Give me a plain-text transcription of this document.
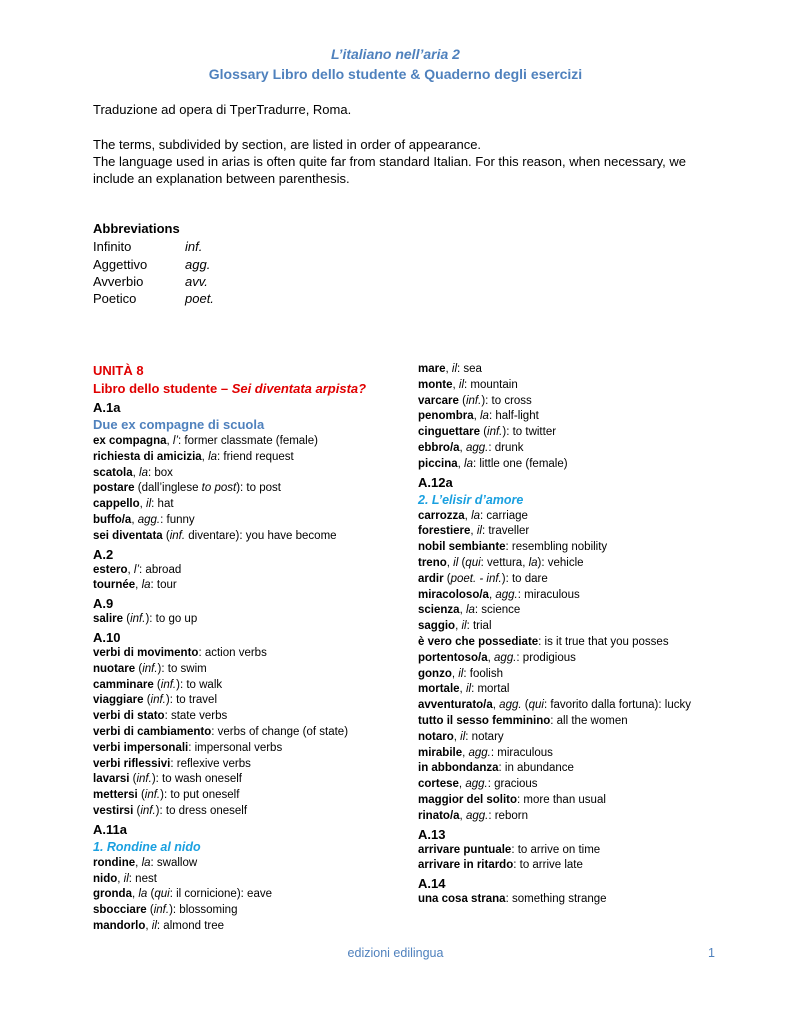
L’italiano nell’aria 2
Glossary Libro dello studente & Quaderno degli esercizi
Traduzione ad opera di TperTradurre, Roma.
The terms, subdivided by section, are listed in order of appearance.
The language used in arias is often quite far from standard Italian. For this reason, when necessary, we include an explanation between parenthesis.
Abbreviations
Infinito	inf.
Aggettivo	agg.
Avverbio	avv.
Poetico	poet.
UNITÀ 8
Libro dello studente – Sei diventata arpista?
A.1a
Due ex compagne di scuola
ex compagna, l’: former classmate (female)
richiesta di amicizia, la: friend request
scatola, la: box
postare (dall’inglese to post): to post
cappello, il: hat
buffo/a, agg.: funny
sei diventata (inf. diventare): you have become
A.2
estero, l’: abroad
tournée, la: tour
A.9
salire (inf.): to go up
A.10
verbi di movimento: action verbs
nuotare (inf.): to swim
camminare (inf.): to walk
viaggiare (inf.): to travel
verbi di stato: state verbs
verbi di cambiamento: verbs of change (of state)
verbi impersonali: impersonal verbs
verbi riflessivi: reflexive verbs
lavarsi (inf.): to wash oneself
mettersi (inf.): to put oneself
vestirsi (inf.): to dress oneself
A.11a
1. Rondine al nido
rondine, la: swallow
nido, il: nest
gronda, la (qui: il cornicione): eave
sbocciare (inf.): blossoming
mandorlo, il: almond tree
mare, il: sea
monte, il: mountain
varcare (inf.): to cross
penombra, la: half-light
cinguettare (inf.): to twitter
ebbro/a, agg.: drunk
piccina, la: little one (female)
A.12a
2. L’elisir d’amore
carrozza, la: carriage
forestiere, il: traveller
nobil sembiante: resembling nobility
treno, il (qui: vettura, la): vehicle
ardir (poet. - inf.): to dare
miracoloso/a, agg.: miraculous
scienza, la: science
saggio, il: trial
è vero che possediate: is it true that you posses
portentoso/a, agg.: prodigious
gonzo, il: foolish
mortale, il: mortal
avventurato/a, agg. (qui: favorito dalla fortuna): lucky
tutto il sesso femminino: all the women
notaro, il: notary
mirabile, agg.: miraculous
in abbondanza: in abundance
cortese, agg.: gracious
maggior del solito: more than usual
rinato/a, agg.: reborn
A.13
arrivare puntuale: to arrive on time
arrivare in ritardo: to arrive late
A.14
una cosa strana: something strange
edizioni edilingua	1
